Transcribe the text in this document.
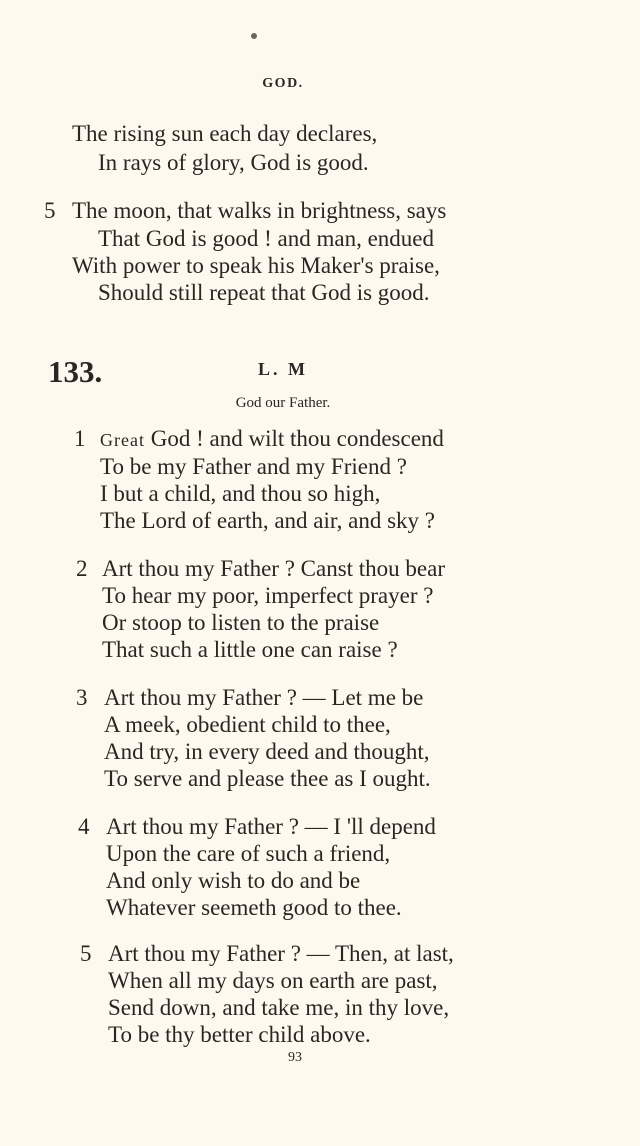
GOD.
The rising sun each day declares,
In rays of glory, God is good.
5 The moon, that walks in brightness, says
That God is good ! and man, endued
With power to speak his Maker's praise,
Should still repeat that God is good.
133.	L. M
God our Father.
1 Great God ! and wilt thou condescend
To be my Father and my Friend ?
I but a child, and thou so high,
The Lord of earth, and air, and sky ?
2 Art thou my Father ? Canst thou bear
To hear my poor, imperfect prayer ?
Or stoop to listen to the praise
That such a little one can raise ?
3 Art thou my Father ? — Let me be
A meek, obedient child to thee,
And try, in every deed and thought,
To serve and please thee as I ought.
4 Art thou my Father ? — I 'll depend
Upon the care of such a friend,
And only wish to do and be
Whatever seemeth good to thee.
5 Art thou my Father ? — Then, at last,
When all my days on earth are past,
Send down, and take me, in thy love,
To be thy better child above.
93
